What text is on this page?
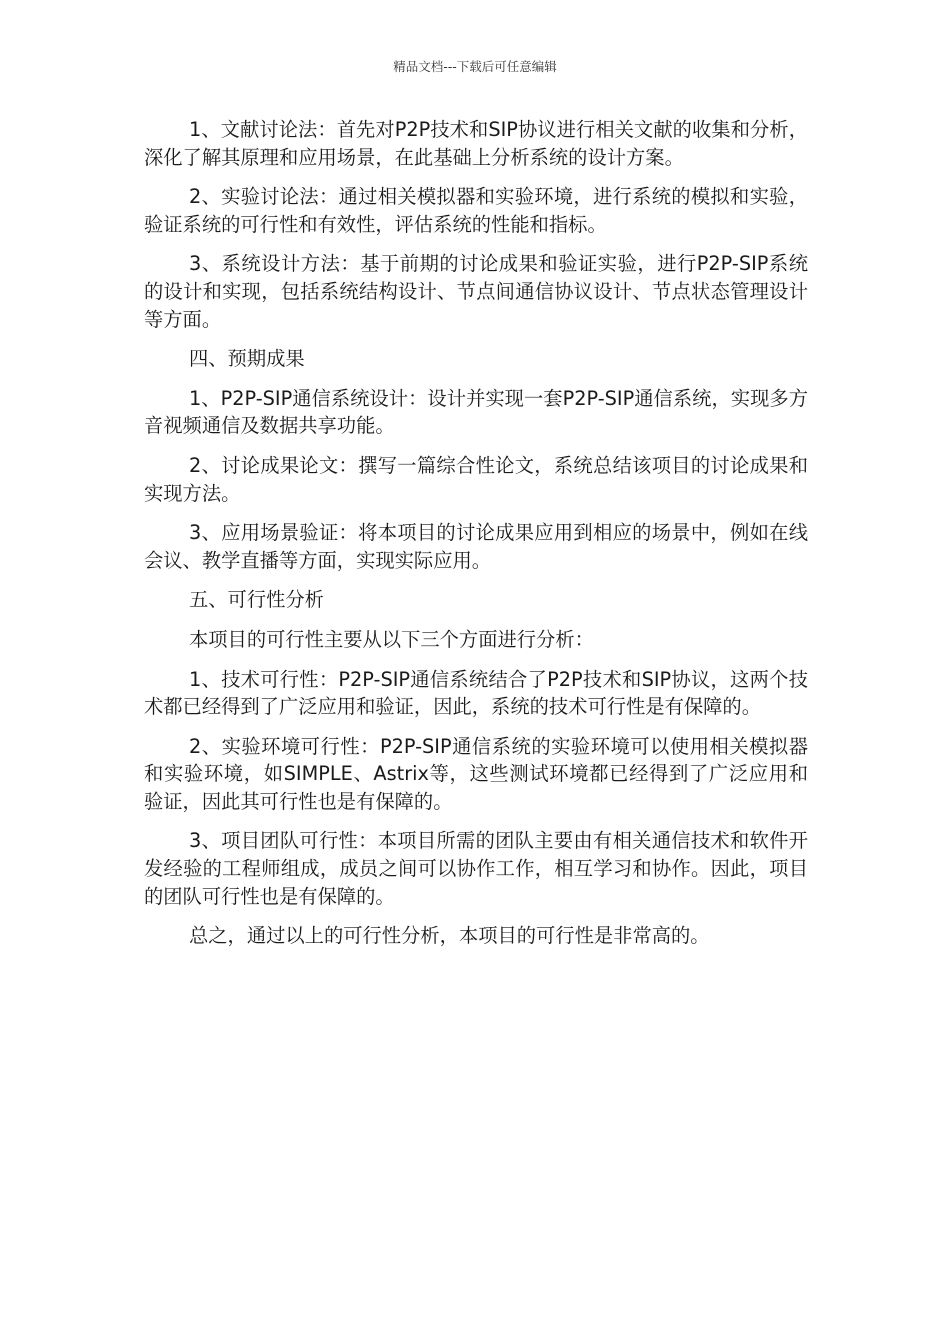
精品文档---下载后可任意编辑

1、文献讨论法：首先对P2P技术和SIP协议进行相关文献的收集和分析，深化了解其原理和应用场景，在此基础上分析系统的设计方案。

2、实验讨论法：通过相关模拟器和实验环境，进行系统的模拟和实验，验证系统的可行性和有效性，评估系统的性能和指标。

3、系统设计方法：基于前期的讨论成果和验证实验，进行P2P-SIP系统的设计和实现，包括系统结构设计、节点间通信协议设计、节点状态管理设计等方面。

四、预期成果

1、P2P-SIP通信系统设计：设计并实现一套P2P-SIP通信系统，实现多方音视频通信及数据共享功能。

2、讨论成果论文：撰写一篇综合性论文，系统总结该项目的讨论成果和实现方法。

3、应用场景验证：将本项目的讨论成果应用到相应的场景中，例如在线会议、教学直播等方面，实现实际应用。

五、可行性分析

本项目的可行性主要从以下三个方面进行分析：

1、技术可行性：P2P-SIP通信系统结合了P2P技术和SIP协议，这两个技术都已经得到了广泛应用和验证，因此，系统的技术可行性是有保障的。

2、实验环境可行性：P2P-SIP通信系统的实验环境可以使用相关模拟器和实验环境，如SIMPLE、Astrix等，这些测试环境都已经得到了广泛应用和验证，因此其可行性也是有保障的。

3、项目团队可行性：本项目所需的团队主要由有相关通信技术和软件开发经验的工程师组成，成员之间可以协作工作，相互学习和协作。因此，项目的团队可行性也是有保障的。

总之，通过以上的可行性分析，本项目的可行性是非常高的。
